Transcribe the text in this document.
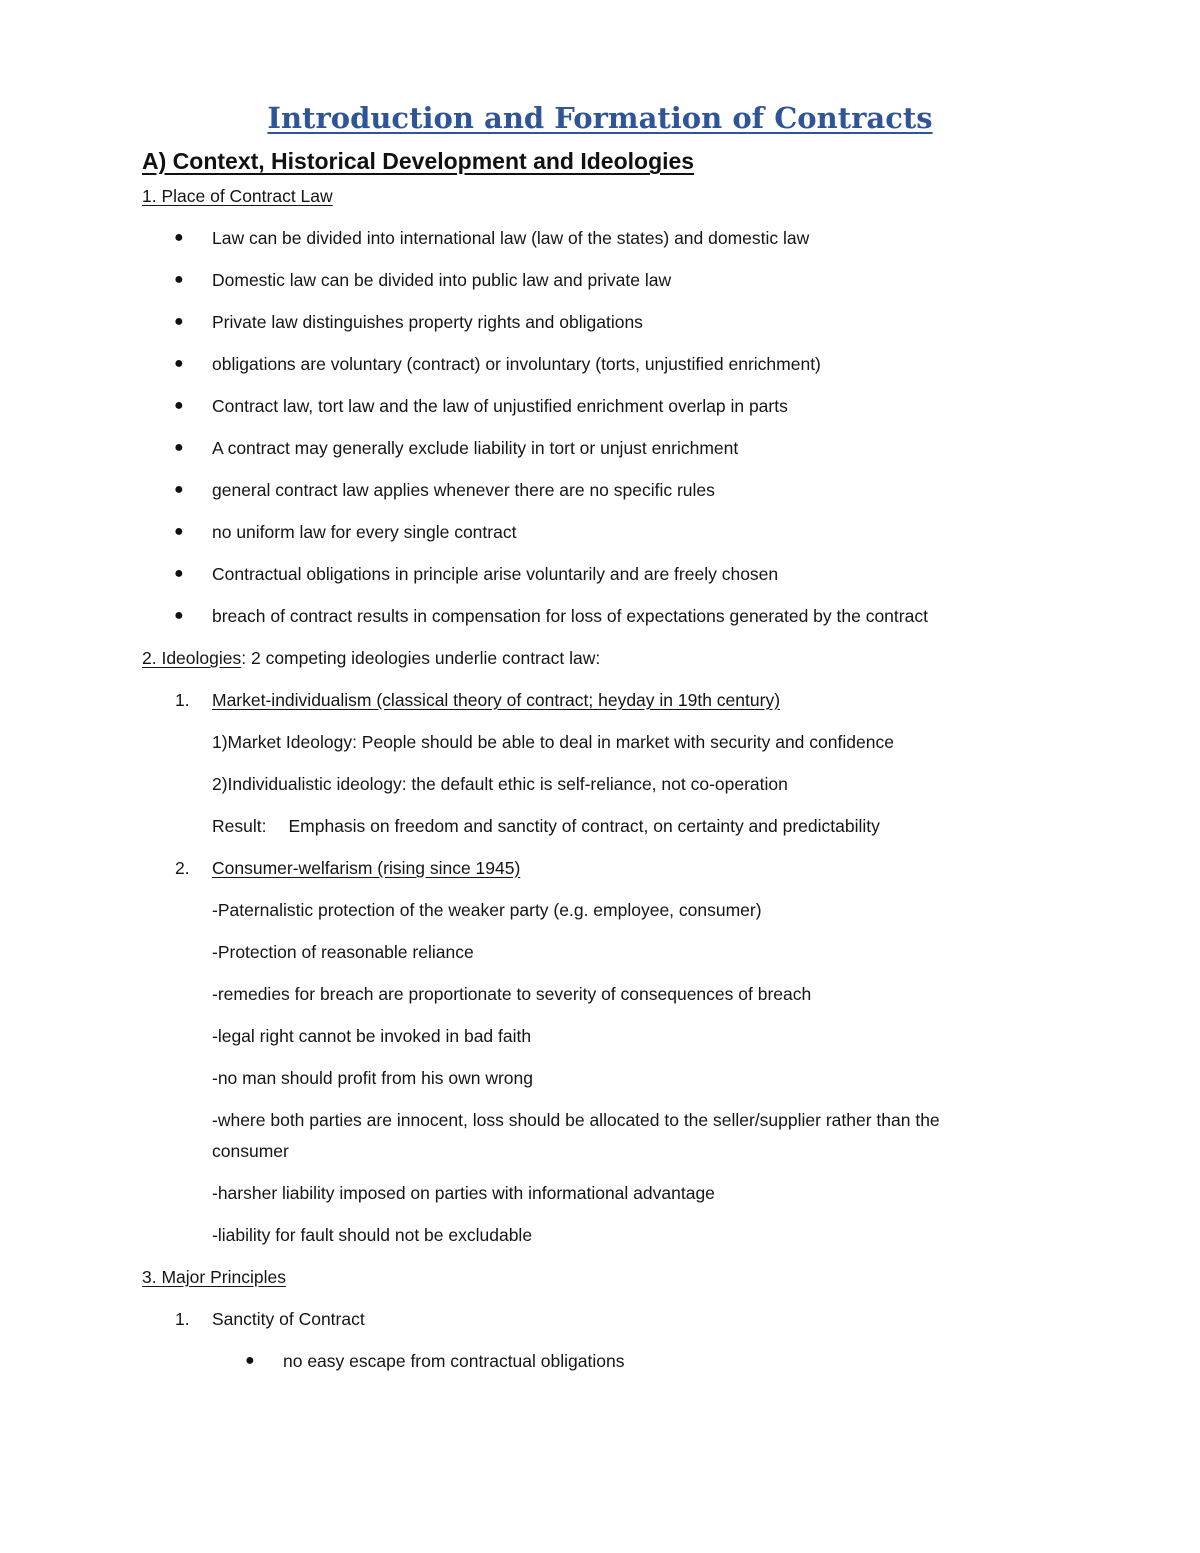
Introduction and Formation of Contracts
A) Context, Historical Development and Ideologies
1. Place of Contract Law
● Law can be divided into international law (law of the states) and domestic law
● Domestic law can be divided into public law and private law
● Private law distinguishes property rights and obligations
● obligations are voluntary (contract) or involuntary (torts, unjustified enrichment)
● Contract law, tort law and the law of unjustified enrichment overlap in parts
● A contract may generally exclude liability in tort or unjust enrichment
● general contract law applies whenever there are no specific rules
● no uniform law for every single contract
● Contractual obligations in principle arise voluntarily and are freely chosen
● breach of contract results in compensation for loss of expectations generated by the contract
2. Ideologies: 2 competing ideologies underlie contract law:
1. Market-individualism (classical theory of contract; heyday in 19th century)
1)Market Ideology: People should be able to deal in market with security and confidence
2)Individualistic ideology: the default ethic is self-reliance, not co-operation
Result: Emphasis on freedom and sanctity of contract, on certainty and predictability
2. Consumer-welfarism (rising since 1945)
-Paternalistic protection of the weaker party (e.g. employee, consumer)
-Protection of reasonable reliance
-remedies for breach are proportionate to severity of consequences of breach
-legal right cannot be invoked in bad faith
-no man should profit from his own wrong
-where both parties are innocent, loss should be allocated to the seller/supplier rather than the
consumer
-harsher liability imposed on parties with informational advantage
-liability for fault should not be excludable
3. Major Principles
1. Sanctity of Contract
● no easy escape from contractual obligations
